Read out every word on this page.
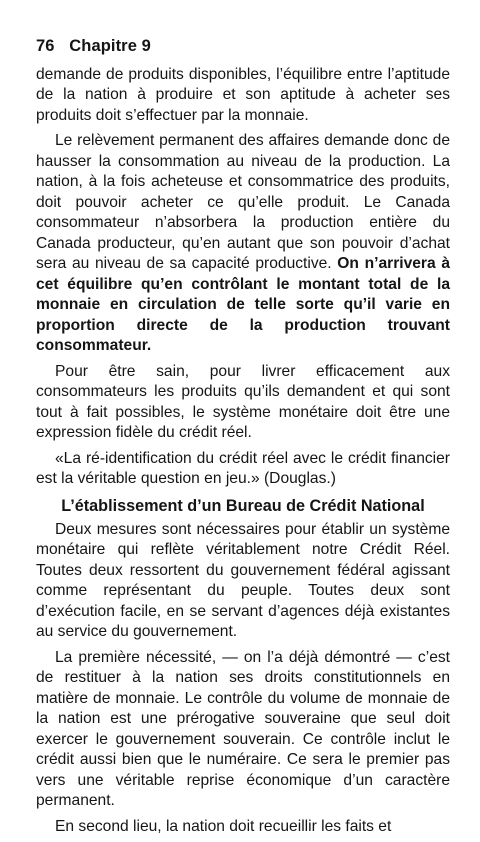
76 Chapitre 9

demande de produits disponibles, l’équilibre entre l’aptitude de la nation à produire et son aptitude à acheter ses produits doit s’effectuer par la monnaie.

Le relèvement permanent des affaires demande donc de hausser la consommation au niveau de la production. La nation, à la fois acheteuse et consommatrice des produits, doit pouvoir acheter ce qu’elle produit. Le Canada consommateur n’absorbera la production entière du Canada producteur, qu’en autant que son pouvoir d’achat sera au niveau de sa capacité productive. On n’arrivera à cet équilibre qu’en contrôlant le montant total de la monnaie en circulation de telle sorte qu’il varie en proportion directe de la production trouvant consommateur.

Pour être sain, pour livrer efficacement aux consommateurs les produits qu’ils demandent et qui sont tout à fait possibles, le système monétaire doit être une expression fidèle du crédit réel.

«La ré-identification du crédit réel avec le crédit financier est la véritable question en jeu.» (Douglas.)

L’établissement d’un Bureau de Crédit National

Deux mesures sont nécessaires pour établir un système monétaire qui reflète véritablement notre Crédit Réel. Toutes deux ressortent du gouvernement fédéral agissant comme représentant du peuple. Toutes deux sont d’exécution facile, en se servant d’agences déjà existantes au service du gouvernement.

La première nécessité, — on l’a déjà démontré — c’est de restituer à la nation ses droits constitutionnels en matière de monnaie. Le contrôle du volume de monnaie de la nation est une prérogative souveraine que seul doit exercer le gouvernement souverain. Ce contrôle inclut le crédit aussi bien que le numéraire. Ce sera le premier pas vers une véritable reprise économique d’un caractère permanent.

En second lieu, la nation doit recueillir les faits et
